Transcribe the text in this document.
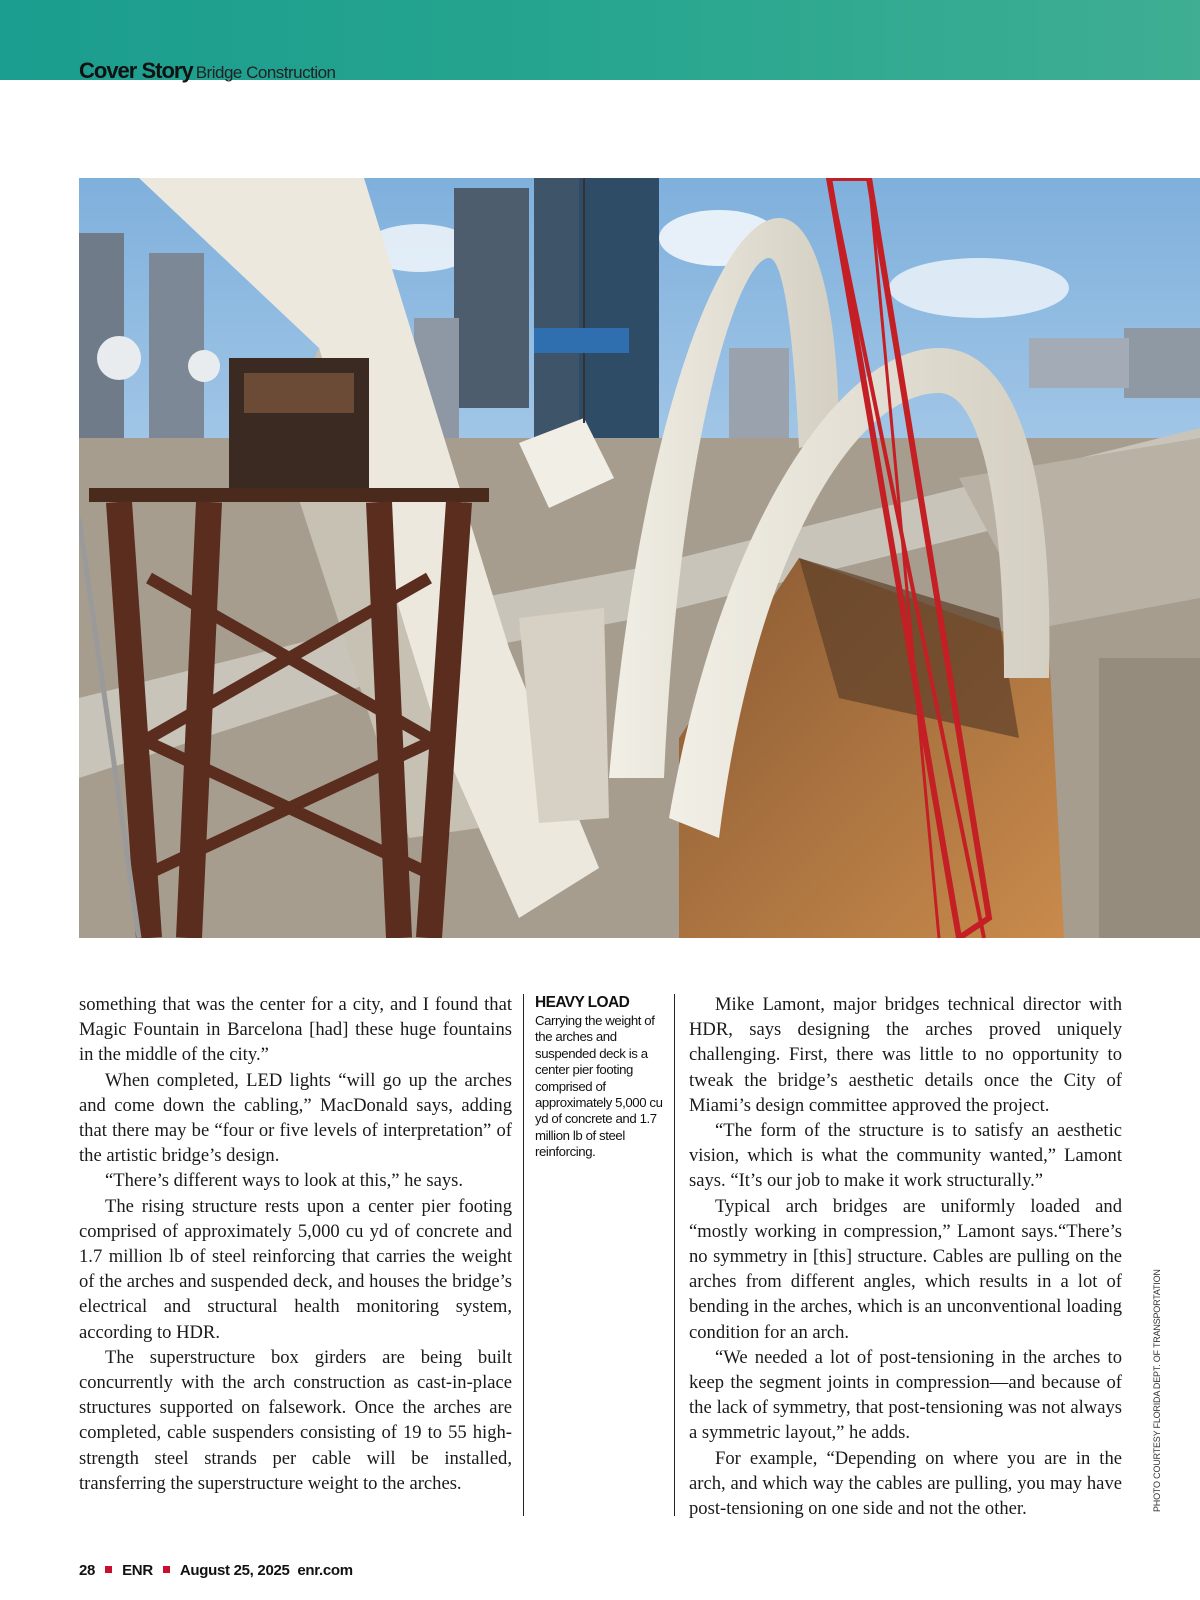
Cover Story Bridge Construction

something that was the center for a city, and I found that Magic Fountain in Barcelona [had] these huge fountains in the middle of the city.”

When completed, LED lights “will go up the arches and come down the cabling,” MacDonald says, adding that there may be “four or five levels of interpretation” of the artistic bridge’s design.

“There’s different ways to look at this,” he says.

The rising structure rests upon a center pier footing comprised of approximately 5,000 cu yd of concrete and 1.7 million lb of steel reinforcing that carries the weight of the arches and suspended deck, and houses the bridge’s electrical and structural health monitoring system, according to HDR.

The superstructure box girders are being built concurrently with the arch construction as cast-in-place structures supported on falsework. Once the arches are completed, cable suspenders consisting of 19 to 55 high-strength steel strands per cable will be installed, transferring the superstructure weight to the arches.

HEAVY LOAD
Carrying the weight of the arches and suspended deck is a center pier footing comprised of approximately 5,000 cu yd of concrete and 1.7 million lb of steel reinforcing.

Mike Lamont, major bridges technical director with HDR, says designing the arches proved uniquely challenging. First, there was little to no opportunity to tweak the bridge’s aesthetic details once the City of Miami’s design committee approved the project.

“The form of the structure is to satisfy an aesthetic vision, which is what the community wanted,” Lamont says. “It’s our job to make it work structurally.”

Typical arch bridges are uniformly loaded and “mostly working in compression,” Lamont says.“There’s no symmetry in [this] structure. Cables are pulling on the arches from different angles, which results in a lot of bending in the arches, which is an unconventional loading condition for an arch.

“We needed a lot of post-tensioning in the arches to keep the segment joints in compression—and because of the lack of symmetry, that post-tensioning was not always a symmetric layout,” he adds.

For example, “Depending on where you are in the arch, and which way the cables are pulling, you may have post-tensioning on one side and not the other.	PHOTO COURTESY FLORIDA DEPT. OF TRANSPORTATION
28 ENR August 25, 2025 enr.com
